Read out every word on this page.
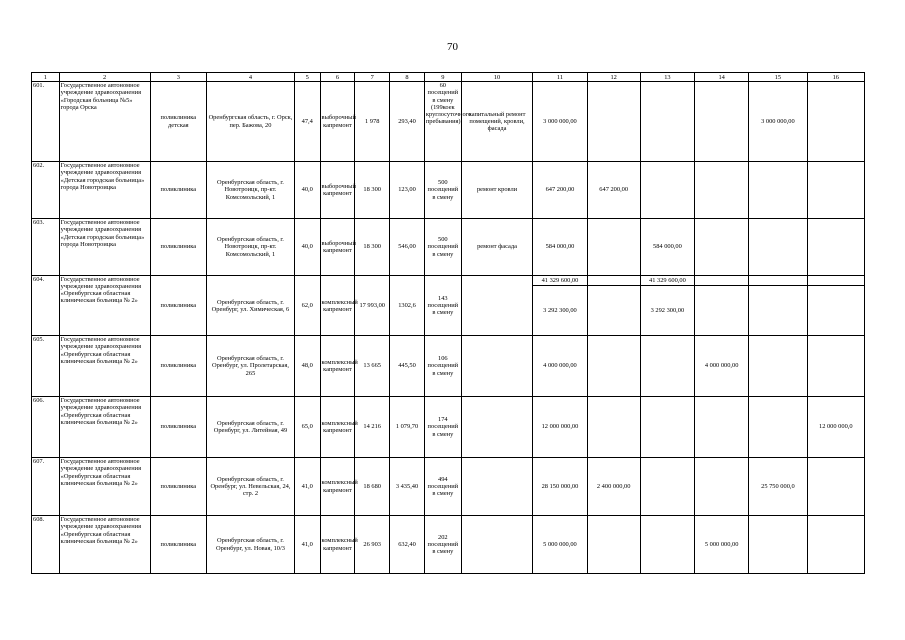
70
1	2	3	4	5	6	7	8	9	10	11	12	13	14	15	16
601.	Государственное автономное учреждение здравоохранения «Городская больница №5» города Орска	поликлиника детская	Оренбургская область, г. Орск, пер. Бажова, 20	47,4	выборочный капремонт	1 978	293,40	60 посещений в смену (199коек круглосуточного пребывания)	капитальный ремонт помещений, кровли, фасада	3 000 000,00				3 000 000,00	
602.	Государственное автономное учреждение здравоохранения «Детская городская больница» города Новотроицка	поликлиника	Оренбургская область, г. Новотроицк, пр-кт. Комсомольский, 1	40,0	выборочный капремонт	18 300	123,00	500 посещений в смену	ремонт кровли	647 200,00	647 200,00				
603.	Государственное автономное учреждение здравоохранения «Детская городская больница» города Новотроицка	поликлиника	Оренбургская область, г. Новотроицк, пр-кт. Комсомольский, 1	40,0	выборочный капремонт	18 300	546,00	500 посещений в смену	ремонт фасада	584 000,00		584 000,00			
604.	Государственное автономное учреждение здравоохранения «Оренбургская областная клиническая больница № 2»	поликлиника	Оренбургская область, г. Оренбург, ул. Химическая, 6	62,0	комплексный капремонт	17 993,00	1302,6	143 посещений в смену		41 329 600,00		41 329 600,00			
										3 292 300,00		3 292 300,00			
605.	Государственное автономное учреждение здравоохранения «Оренбургская областная клиническая больница № 2»	поликлиника	Оренбургская область, г. Оренбург, ул. Пролетарская, 265	48,0	комплексный капремонт	13 665	445,50	106 посещений в смену		4 000 000,00			4 000 000,00		
606.	Государственное автономное учреждение здравоохранения «Оренбургская областная клиническая больница № 2»	поликлиника	Оренбургская область, г. Оренбург, ул. Литейная, 49	65,0	комплексный капремонт	14 216	1 079,70	174 посещений в смену		12 000 000,00					12 000 000,0
607.	Государственное автономное учреждение здравоохранения «Оренбургская областная клиническая больница № 2»	поликлиника	Оренбургская область, г. Оренбург, ул. Невельская, 24, стр. 2	41,0	комплексный капремонт	18 680	3 435,40	494 посещений в смену		28 150 000,00	2 400 000,00			25 750 000,0	
608.	Государственное автономное учреждение здравоохранения «Оренбургская областная клиническая больница № 2»	поликлиника	Оренбургская область, г. Оренбург, ул. Новая, 10/3	41,0	комплексный капремонт	26 903	632,40	202 посещений в смену		5 000 000,00			5 000 000,00		
